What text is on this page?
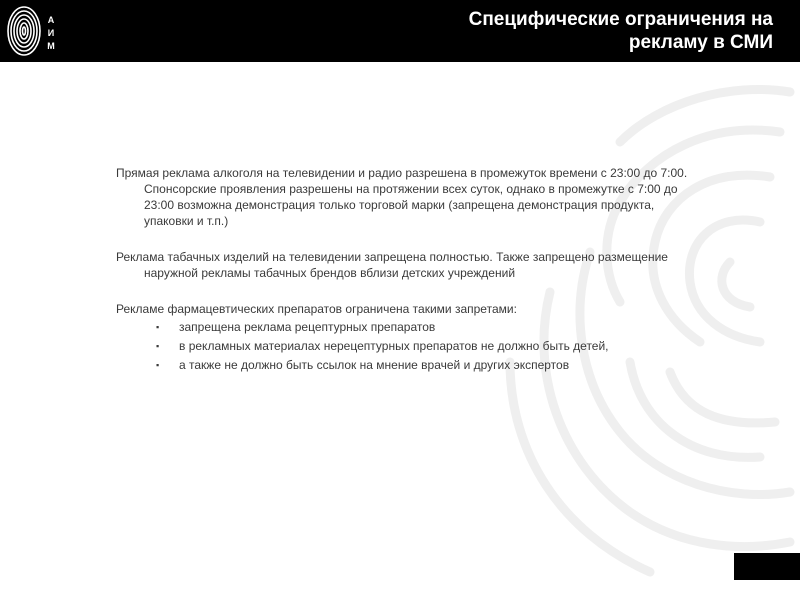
А
И
М
Специфические ограничения на
рекламу в СМИ

Прямая реклама алкоголя на телевидении и радио разрешена в промежуток времени с 23:00 до 7:00. Спонсорские проявления разрешены на протяжении всех суток, однако в промежутке с 7:00 до 23:00 возможна демонстрация только торговой марки (запрещена демонстрация продукта, упаковки и т.п.)

Реклама табачных изделий на телевидении запрещена полностью. Также запрещено размещение наружной рекламы табачных брендов вблизи детских учреждений

Рекламе фармацевтических препаратов ограничена такими запретами:

▪ запрещена реклама рецептурных препаратов
▪ в рекламных материалах нерецептурных препаратов не должно быть детей,
▪ а также не должно быть ссылок на мнение врачей и других экспертов
